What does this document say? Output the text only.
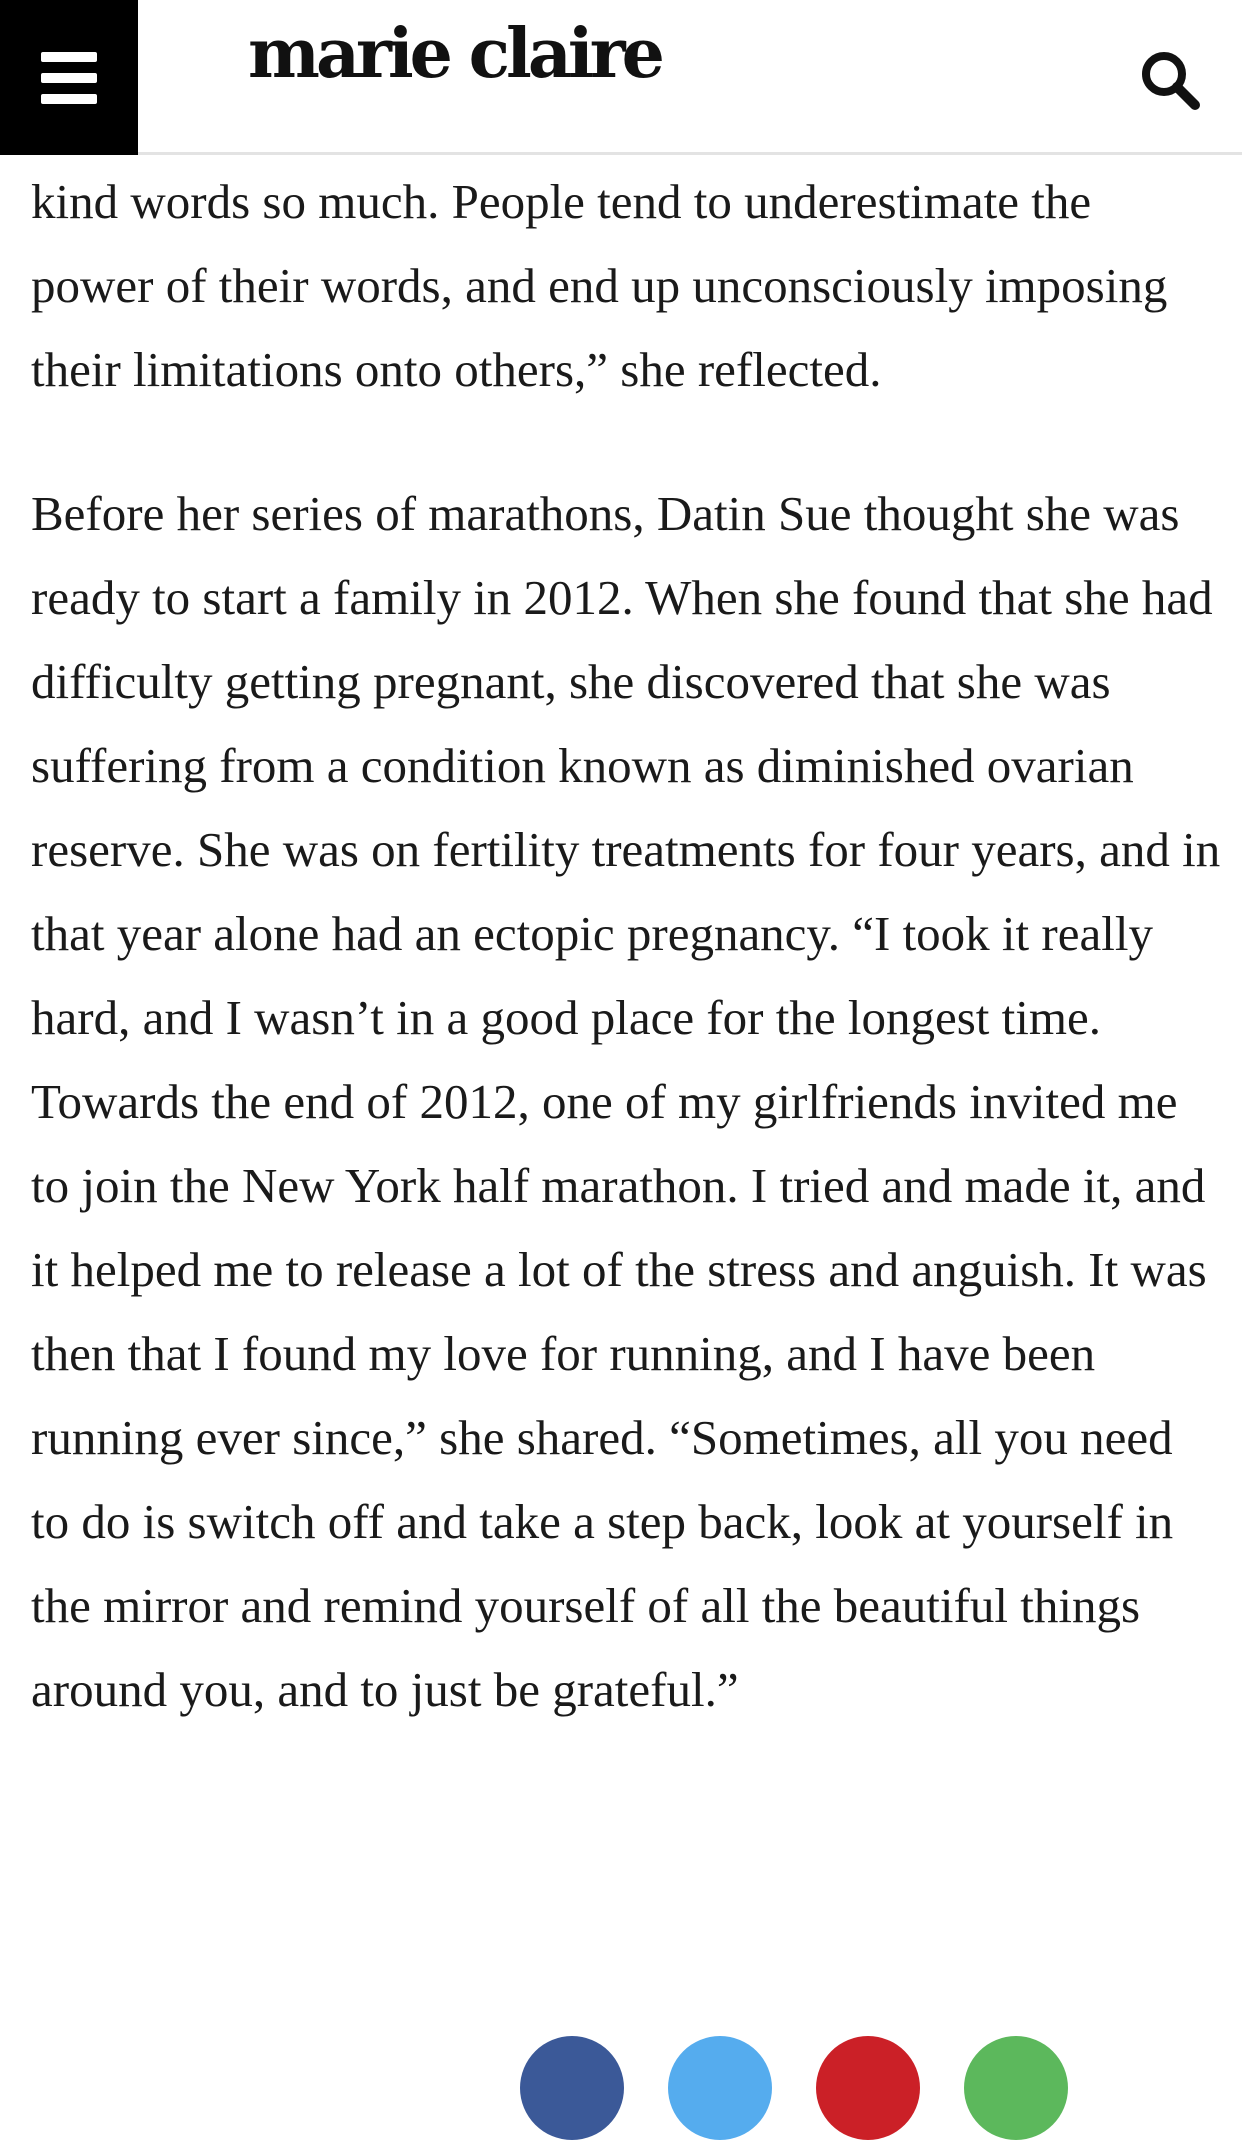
marie claire

kind words so much. People tend to underestimate the power of their words, and end up unconsciously imposing their limitations onto others,” she reflected.

Before her series of marathons, Datin Sue thought she was ready to start a family in 2012. When she found that she had difficulty getting pregnant, she discovered that she was suffering from a condition known as diminished ovarian reserve. She was on fertility treatments for four years, and in that year alone had an ectopic pregnancy. “I took it really hard, and I wasn’t in a good place for the longest time. Towards the end of 2012, one of my girlfriends invited me to join the New York half marathon. I tried and made it, and it helped me to release a lot of the stress and anguish. It was then that I found my love for running, and I have been running ever since,” she shared. “Sometimes, all you need to do is switch off and take a step back, look at yourself in the mirror and remind yourself of all the beautiful things around you, and to just be grateful.”
